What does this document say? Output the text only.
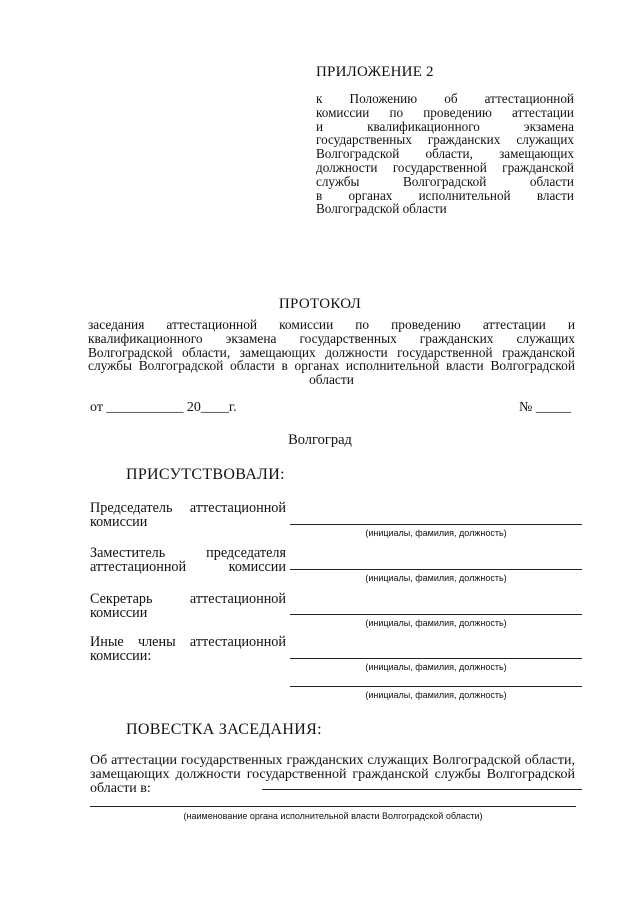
ПРИЛОЖЕНИЕ 2
к Положению об аттестационной
комиссии по проведению аттестации
и квалификационного экзамена
государственных гражданских служащих
Волгоградской области, замещающих
должности государственной гражданской
службы Волгоградской области
в органах исполнительной власти
Волгоградской области
ПРОТОКОЛ
заседания аттестационной комиссии по проведению аттестации и квалификационного экзамена государственных гражданских служащих Волгоградской области, замещающих должности государственной гражданской службы Волгоградской области в органах исполнительной власти Волгоградской области
от ___________ 20____г.	№ _____
Волгоград
ПРИСУТСТВОВАЛИ:
Председатель аттестационной комиссии
(инициалы, фамилия, должность)
Заместитель председателя аттестационной комиссии
(инициалы, фамилия, должность)
Секретарь аттестационной комиссии
(инициалы, фамилия, должность)
Иные члены аттестационной комиссии:
(инициалы, фамилия, должность)
(инициалы, фамилия, должность)
ПОВЕСТКА ЗАСЕДАНИЯ:
Об аттестации государственных гражданских служащих Волгоградской области, замещающих должности государственной гражданской службы Волгоградской области в:
(наименование органа исполнительной власти Волгоградской области)
